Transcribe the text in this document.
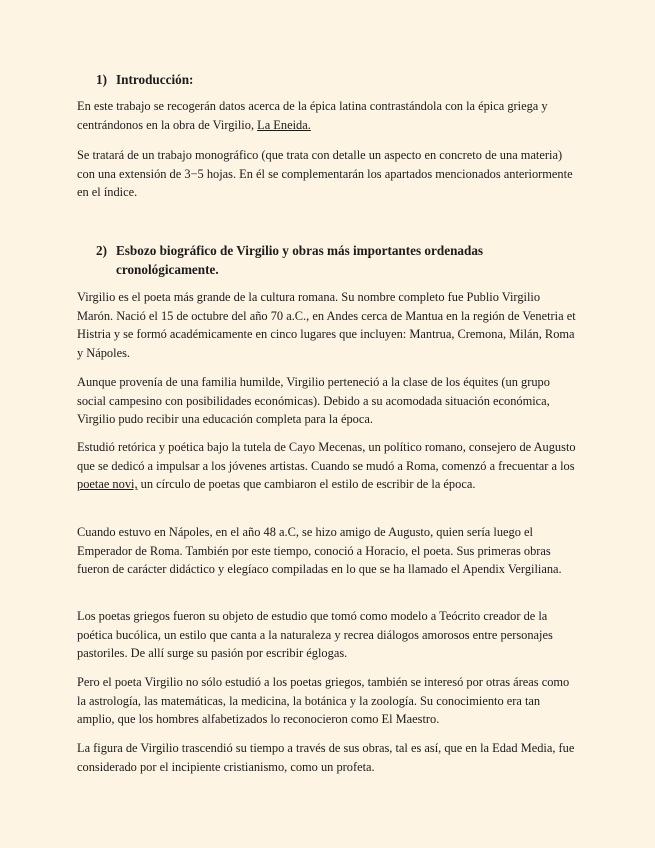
1) Introducción:

En este trabajo se recogerán datos acerca de la épica latina contrastándola con la épica griega y centrándonos en la obra de Virgilio, La Eneida.

Se tratará de un trabajo monográfico (que trata con detalle un aspecto en concreto de una materia) con una extensión de 3−5 hojas. En él se complementarán los apartados mencionados anteriormente en el índice.

2) Esbozo biográfico de Virgilio y obras más importantes ordenadas cronológicamente.

Virgilio es el poeta más grande de la cultura romana. Su nombre completo fue Publio Virgilio Marón. Nació el 15 de octubre del año 70 a.C., en Andes cerca de Mantua en la región de Venetria et Histria y se formó académicamente en cinco lugares que incluyen: Mantrua, Cremona, Milán, Roma y Nápoles.

Aunque provenía de una familia humilde, Virgilio perteneció a la clase de los équites (un grupo social campesino con posibilidades económicas). Debido a su acomodada situación económica, Virgilio pudo recibir una educación completa para la época.

Estudió retórica y poética bajo la tutela de Cayo Mecenas, un político romano, consejero de Augusto que se dedicó a impulsar a los jóvenes artistas. Cuando se mudó a Roma, comenzó a frecuentar a los poetae novi, un círculo de poetas que cambiaron el estilo de escribir de la época.

Cuando estuvo en Nápoles, en el año 48 a.C, se hizo amigo de Augusto, quien sería luego el Emperador de Roma. También por este tiempo, conoció a Horacio, el poeta. Sus primeras obras fueron de carácter didáctico y elegíaco compiladas en lo que se ha llamado el Apendix Vergiliana.

Los poetas griegos fueron su objeto de estudio que tomó como modelo a Teócrito creador de la poética bucólica, un estilo que canta a la naturaleza y recrea diálogos amorosos entre personajes pastoriles. De allí surge su pasión por escribir églogas.

Pero el poeta Virgilio no sólo estudió a los poetas griegos, también se interesó por otras áreas como la astrología, las matemáticas, la medicina, la botánica y la zoología. Su conocimiento era tan amplio, que los hombres alfabetizados lo reconocieron como El Maestro.

La figura de Virgilio trascendió su tiempo a través de sus obras, tal es así, que en la Edad Media, fue considerado por el incipiente cristianismo, como un profeta.
